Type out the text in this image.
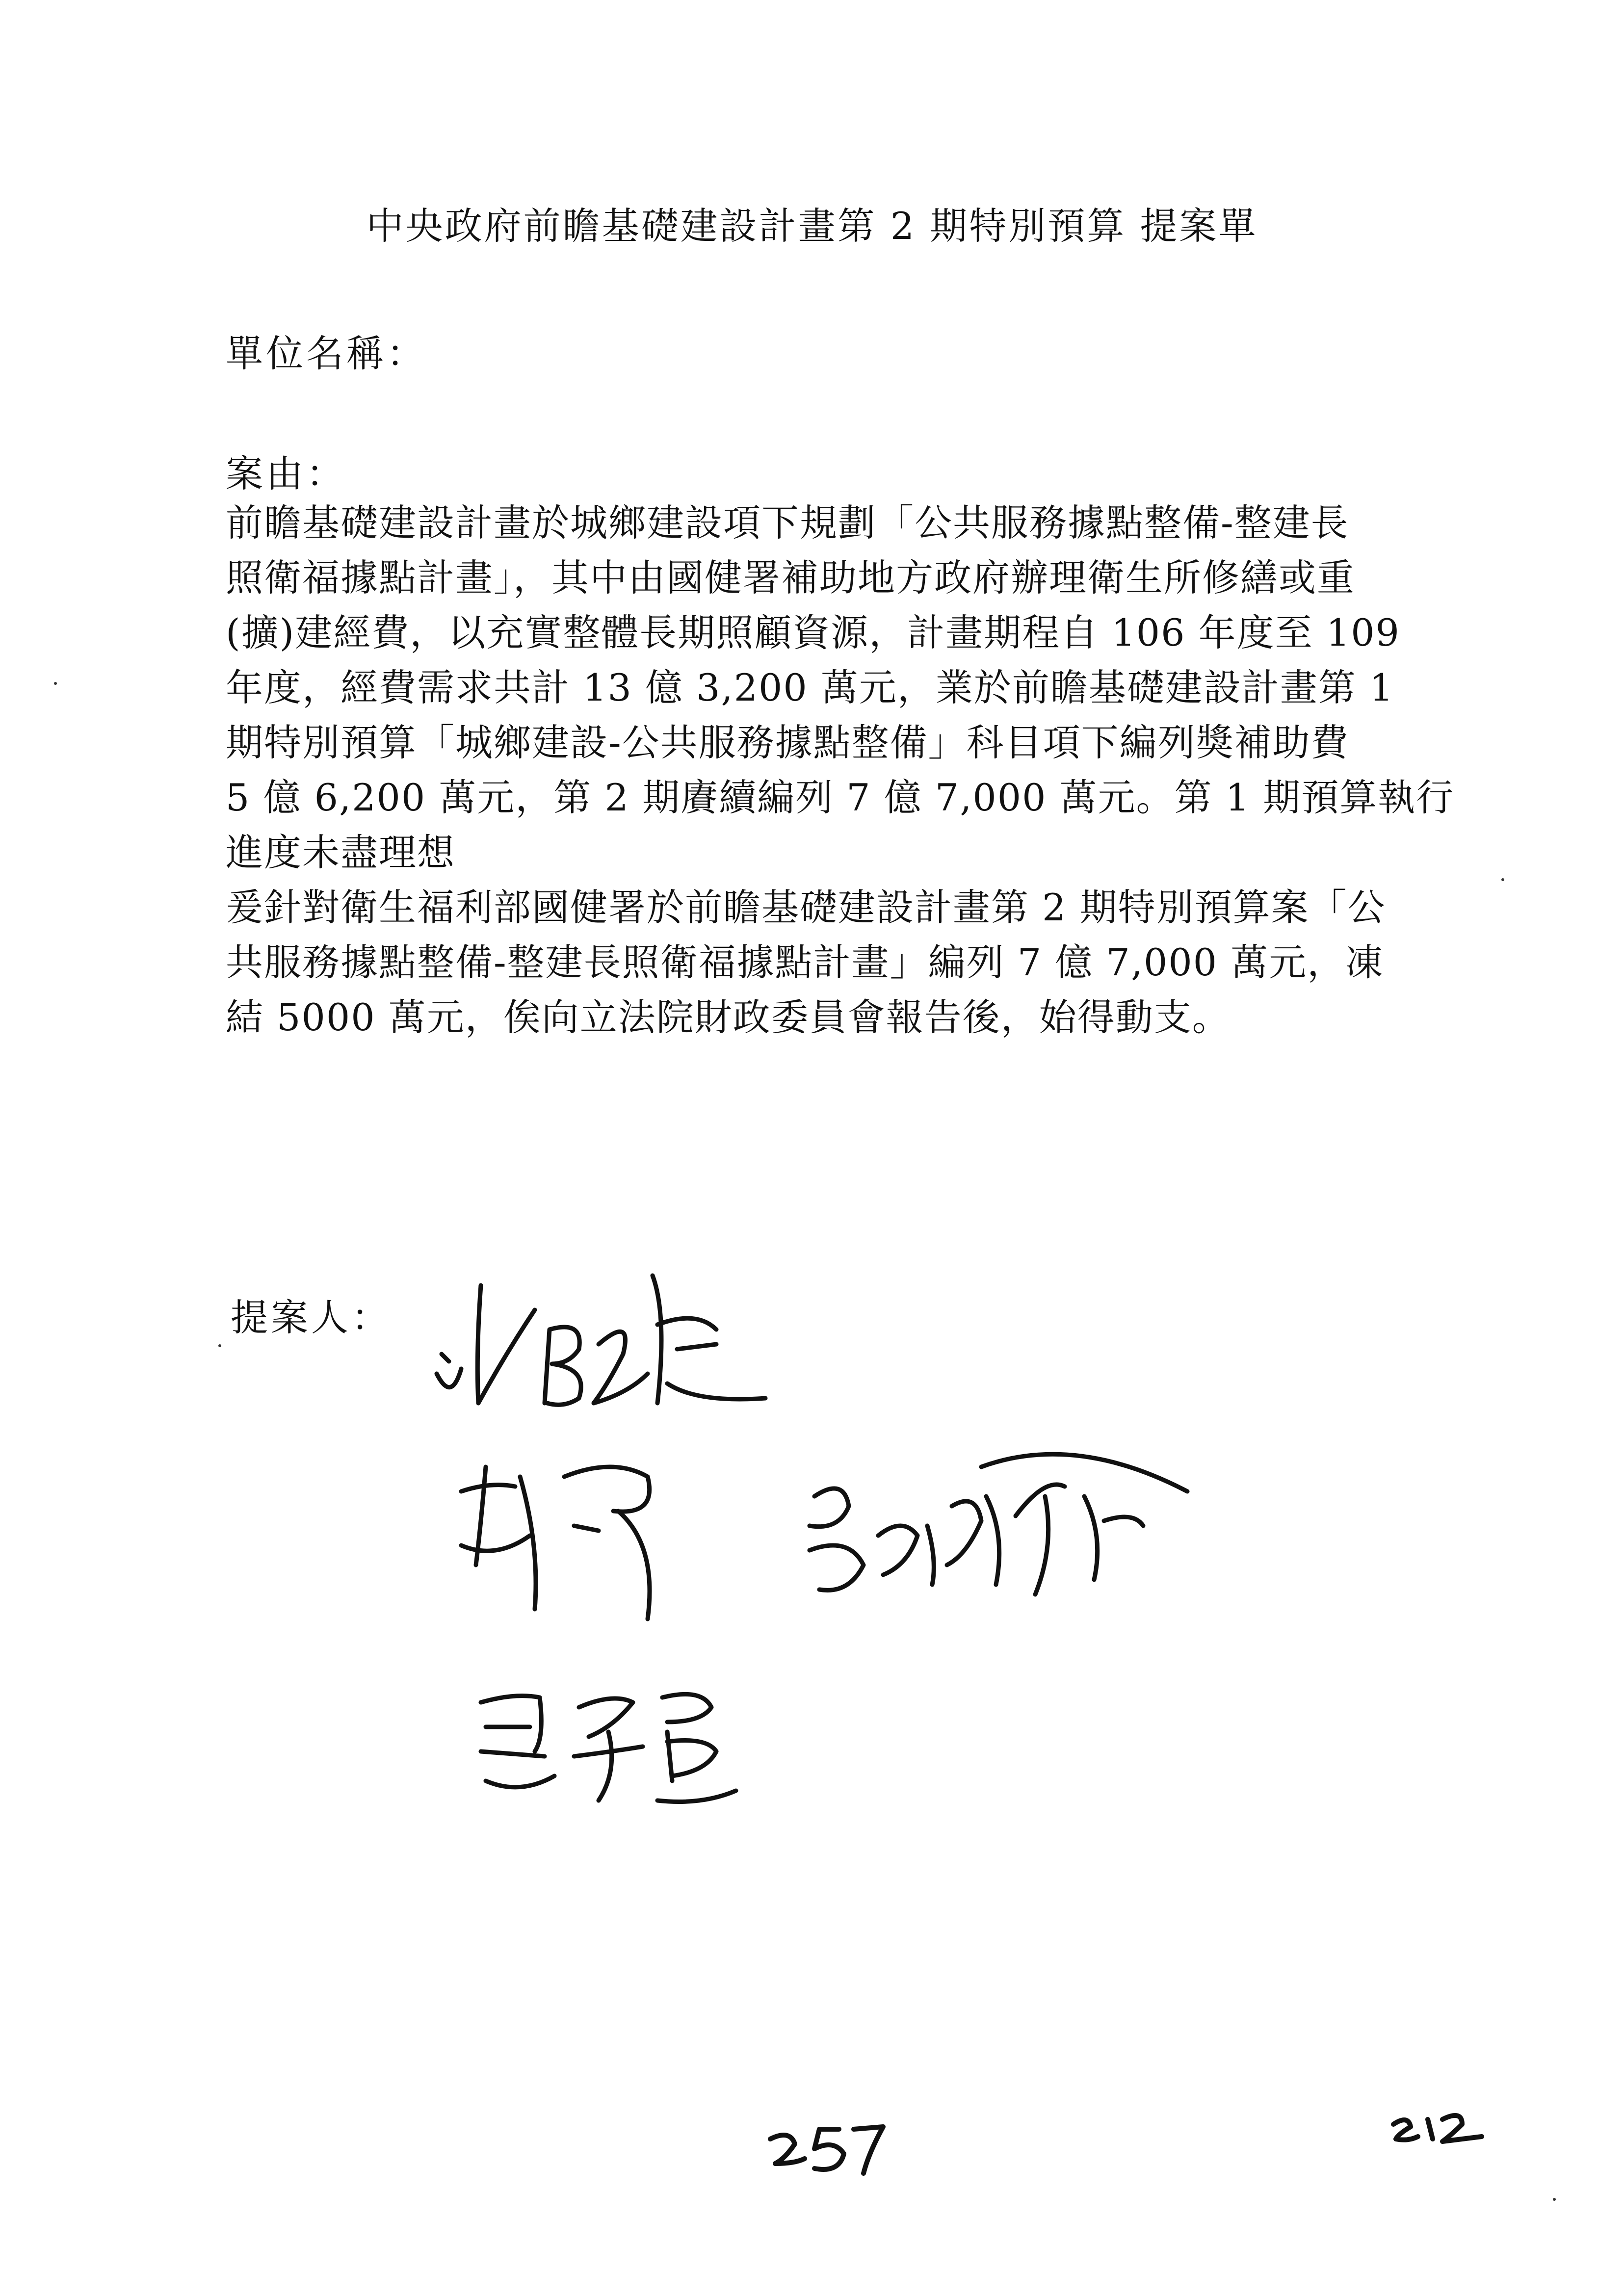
中央政府前瞻基礎建設計畫第 2 期特別預算 提案單
單位名稱：
案由：
前瞻基礎建設計畫於城鄉建設項下規劃「公共服務據點整備-整建長
照衛福據點計畫」，其中由國健署補助地方政府辦理衛生所修繕或重
(擴)建經費，以充實整體長期照顧資源，計畫期程自 106 年度至 109
年度，經費需求共計 13 億 3,200 萬元，業於前瞻基礎建設計畫第 1
期特別預算「城鄉建設-公共服務據點整備」科目項下編列獎補助費
5 億 6,200 萬元，第 2 期賡續編列 7 億 7,000 萬元。第 1 期預算執行
進度未盡理想
爰針對衛生福利部國健署於前瞻基礎建設計畫第 2 期特別預算案「公
共服務據點整備-整建長照衛福據點計畫」編列 7 億 7,000 萬元，凍
結 5000 萬元，俟向立法院財政委員會報告後，始得動支。
提案人：
